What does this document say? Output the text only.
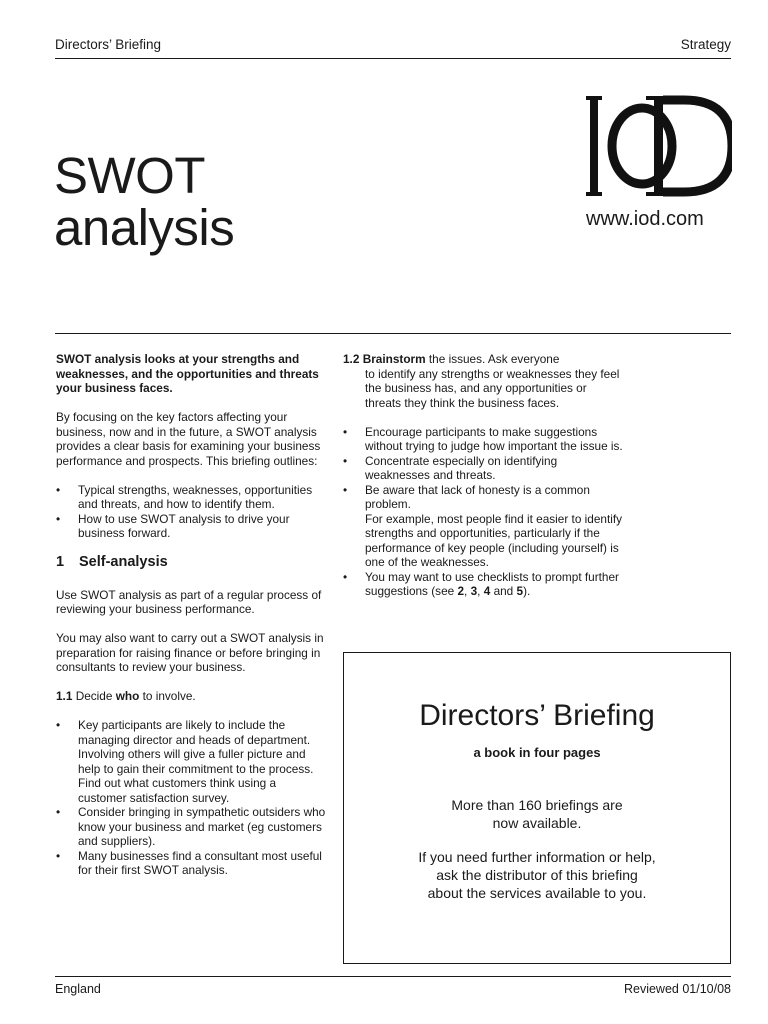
Directors’ Briefing	Strategy
SWOT
analysis	www.iod.com

SWOT analysis looks at your strengths and weaknesses, and the opportunities and threats your business faces.

By focusing on the key factors affecting your business, now and in the future, a SWOT analysis provides a clear basis for examining your business performance and prospects. This briefing outlines:

• Typical strengths, weaknesses, opportunities and threats, and how to identify them.
• How to use SWOT analysis to drive your business forward.
1 Self-analysis

Use SWOT analysis as part of a regular process of reviewing your business performance.

You may also want to carry out a SWOT analysis in preparation for raising finance or before bringing in consultants to review your business.

1.1 Decide who to involve.

• Key participants are likely to include the managing director and heads of department.
Involving others will give a fuller picture and help to gain their commitment to the process.
Find out what customers think using a customer satisfaction survey.
• Consider bringing in sympathetic outsiders who know your business and market (eg customers and suppliers).
• Many businesses find a consultant most useful for their first SWOT analysis.

1.2 Brainstorm the issues. Ask everyone
to identify any strengths or weaknesses they feel the business has, and any opportunities or threats they think the business faces.

• Encourage participants to make suggestions without trying to judge how important the issue is.
• Concentrate especially on identifying weaknesses and threats.
• Be aware that lack of honesty is a common problem.
For example, most people find it easier to identify strengths and opportunities, particularly if the performance of key people (including yourself) is one of the weaknesses.
• You may want to use checklists to prompt further suggestions (see 2, 3, 4 and 5).
Directors’ Briefing
a book in four pages
More than 160 briefings are
now available.
If you need further information or help,
ask the distributor of this briefing
about the services available to you.
England	Reviewed 01/10/08
